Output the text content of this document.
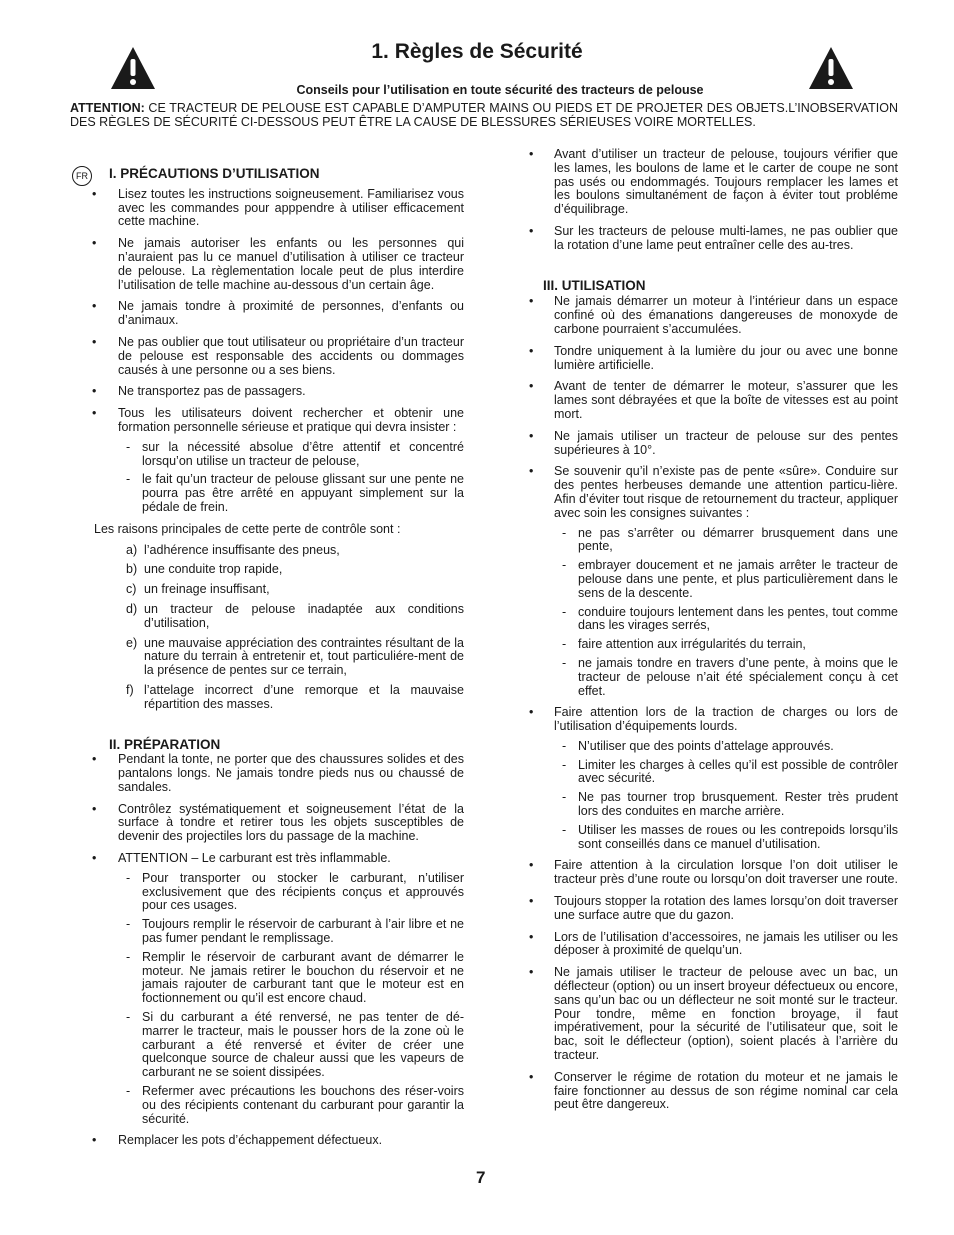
1. Règles de Sécurité

Conseils pour l’utilisation en toute sécurité des tracteurs de pelouse

ATTENTION: CE TRACTEUR DE PELOUSE EST CAPABLE D’AMPUTER MAINS OU PIEDS ET DE PROJETER DES OBJETS.L’INOBSERVATION DES RÈGLES DE SÉCURITÉ CI-DESSOUS PEUT ÊTRE LA CAUSE DE BLESSURES SÉRIEUSES VOIRE MORTELLES.

FR	I. PRÉCAUTIONS D’UTILISATION
• Lisez toutes les instructions soigneusement. Familiarisez vous avec les commandes pour apppendre à utiliser efficacement cette machine.
• Ne jamais autoriser les enfants ou les personnes qui n’auraient pas lu ce manuel d’utilisation à utiliser ce tracteur de pelouse. La règlementation locale peut de plus interdire l’utilisation de telle machine au-dessous d’un certain âge.
• Ne jamais tondre à proximité de personnes, d’enfants ou d’animaux.
• Ne pas oublier que tout utilisateur ou propriétaire d’un tracteur de pelouse est responsable des accidents ou dommages causés à une personne ou a ses biens.
• Ne transportez pas de passagers.
• Tous les utilisateurs doivent rechercher et obtenir une formation personnelle sérieuse et pratique qui devra insister :
- sur la nécessité absolue d’être attentif et concentré lorsqu’on utilise un tracteur de pelouse,
- le fait qu’un tracteur de pelouse glissant sur une pente ne pourra pas être arrêté en appuyant simplement sur la pédale de frein.

Les raisons principales de cette perte de contrôle sont :

a) l’adhérence insuffisante des pneus,
b) une conduite trop rapide,
c) un freinage insuffisant,
d) un tracteur de pelouse inadaptée aux conditions d’utilisation,
e) une mauvaise appréciation des contraintes résultant de la nature du terrain à entretenir et, tout particuliére-ment de la présence de pentes sur ce terrain,
f) l’attelage incorrect d’une remorque et la mauvaise répartition des masses.
II. PRÉPARATION
• Pendant la tonte, ne porter que des chaussures solides et des pantalons longs. Ne jamais tondre pieds nus ou chaussé de sandales.
• Contrôlez systématiquement et soigneusement l’état de la surface à tondre et retirer tous les objets susceptibles de devenir des projectiles lors du passage de la machine.
• ATTENTION – Le carburant est très inflammable.
- Pour transporter ou stocker le carburant, n’utiliser exclusivement que des récipients conçus et approuvés pour ces usages.
- Toujours remplir le réservoir de carburant à l’air libre et ne pas fumer pendant le remplissage.
- Remplir le réservoir de carburant avant de démarrer le moteur. Ne jamais retirer le bouchon du réservoir et ne jamais rajouter de carburant tant que le moteur est en foctionnement ou qu’il est encore chaud.
- Si du carburant a été renversé, ne pas tenter de dé-marrer le tracteur, mais le pousser hors de la zone où le carburant a été renversé et éviter de créer une quelconque source de chaleur aussi que les vapeurs de carburant ne se soient dissipées.
- Refermer avec précautions les bouchons des réser-voirs ou des récipients contenant du carburant pour garantir la sécurité.
• Remplacer les pots d’échappement défectueux.
• Avant d’utiliser un tracteur de pelouse, toujours vérifier que les lames, les boulons de lame et le carter de coupe ne sont pas usés ou endommagés. Toujours remplacer les lames et les boulons simultanément de façon à éviter tout probléme d’équilibrage.
• Sur les tracteurs de pelouse multi-lames, ne pas oublier que la rotation d’une lame peut entraîner celle des au-tres.
III. UTILISATION
• Ne jamais démarrer un moteur à l’intérieur dans un espace confiné où des émanations dangereuses de monoxyde de carbone pourraient s’accumulées.
• Tondre uniquement à la lumière du jour ou avec une bonne lumière artificielle.
• Avant de tenter de démarrer le moteur, s’assurer que les lames sont débrayées et que la boîte de vitesses est au point mort.
• Ne jamais utiliser un tracteur de pelouse sur des pentes supérieures à 10°.
• Se souvenir qu’il n’existe pas de pente «sûre». Conduire sur des pentes herbeuses demande une attention particu-lière. Afin d’éviter tout risque de retournement du tracteur, appliquer avec soin les consignes suivantes :
- ne pas s’arrêter ou démarrer brusquement dans une pente,
- embrayer doucement et ne jamais arrêter le tracteur de pelouse dans une pente, et plus particulièrement dans le sens de la descente.
- conduire toujours lentement dans les pentes, tout comme dans les virages serrés,
- faire attention aux irrégularités du terrain,
- ne jamais tondre en travers d’une pente, à moins que le tracteur de pelouse n’ait été spécialement conçu à cet effet.
• Faire attention lors de la traction de charges ou lors de l’utilisation d’équipements lourds.
- N’utiliser que des points d’attelage approuvés.
- Limiter les charges à celles qu’il est possible de contrôler avec sécurité.
- Ne pas tourner trop brusquement. Rester très prudent lors des conduites en marche arrière.
- Utiliser les masses de roues ou les contrepoids lorsqu’ils sont conseillés dans ce manuel d’utilisation.
• Faire attention à la circulation lorsque l’on doit utiliser le tracteur près d’une route ou lorsqu’on doit traverser une route.
• Toujours stopper la rotation des lames lorsqu’on doit traverser une surface autre que du gazon.
• Lors de l’utilisation d’accessoires, ne jamais les utiliser ou les déposer à proximité de quelqu’un.
• Ne jamais utiliser le tracteur de pelouse avec un bac, un déflecteur (option) ou un insert broyeur défectueux ou encore, sans qu’un bac ou un déflecteur ne soit monté sur le tracteur. Pour tondre, même en fonction broyage, il faut impérativement, pour la sécurité de l’utilisateur que, soit le bac, soit le déflecteur (option), soient placés à l’arrière du tracteur.
• Conserver le régime de rotation du moteur et ne jamais le faire fonctionner au dessus de son régime nominal car cela peut être dangereux.
7
